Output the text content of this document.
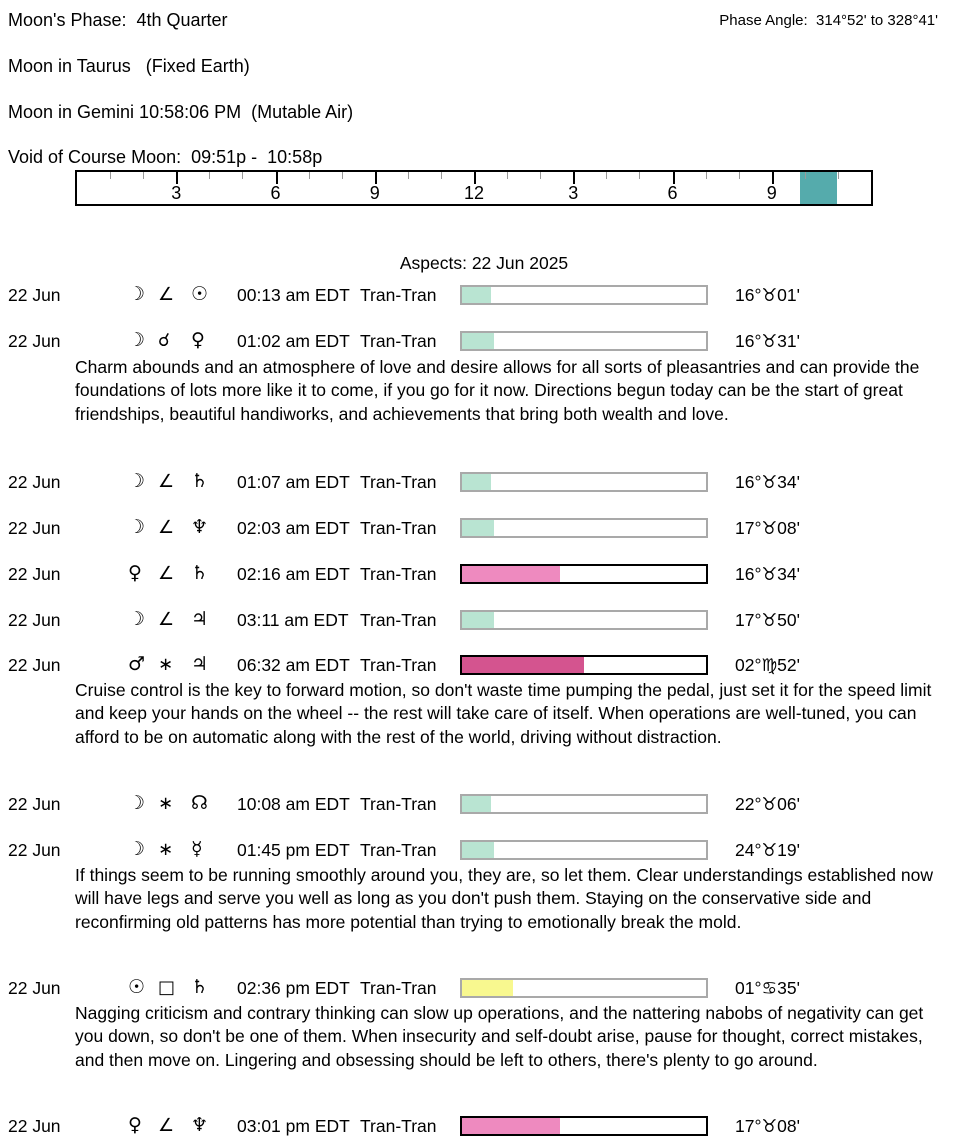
Moon's Phase:  4th Quarter	Phase Angle:  314°52' to 328°41'
Moon in Taurus   (Fixed Earth)
Moon in Gemini 10:58:06 PM  (Mutable Air)
Void of Course Moon:  09:51p -  10:58p
3	6	9	12	3	6	9
Aspects: 22 Jun 2025
22 Jun	☽ ∠ ☉ 00:13 am EDT Tran-Tran	16°♉01'
22 Jun	☽ ☌ ♀ 01:02 am EDT Tran-Tran	16°♉31'
Charm abounds and an atmosphere of love and desire allows for all sorts of pleasantries and can provide the foundations of lots more like it to come, if you go for it now. Directions begun today can be the start of great friendships, beautiful handiworks, and achievements that bring both wealth and love.
22 Jun	☽ ∠ ♄ 01:07 am EDT Tran-Tran	16°♉34'
22 Jun	☽ ∠ ♆ 02:03 am EDT Tran-Tran	17°♉08'
22 Jun	♀ ∠ ♄ 02:16 am EDT Tran-Tran	16°♉34'
22 Jun	☽ ∠ ♃ 03:11 am EDT Tran-Tran	17°♉50'
22 Jun	♂ ∗ ♃ 06:32 am EDT Tran-Tran	02°♍52'
Cruise control is the key to forward motion, so don't waste time pumping the pedal, just set it for the speed limit and keep your hands on the wheel -- the rest will take care of itself. When operations are well-tuned, you can afford to be on automatic along with the rest of the world, driving without distraction.
22 Jun	☽ ∗ ☊ 10:08 am EDT Tran-Tran	22°♉06'
22 Jun	☽ ∗ ☿ 01:45 pm EDT Tran-Tran	24°♉19'
If things seem to be running smoothly around you, they are, so let them. Clear understandings established now will have legs and serve you well as long as you don't push them. Staying on the conservative side and reconfirming old patterns has more potential than trying to emotionally break the mold.
22 Jun	☉ □ ♄ 02:36 pm EDT Tran-Tran	01°♋35'
Nagging criticism and contrary thinking can slow up operations, and the nattering nabobs of negativity can get you down, so don't be one of them. When insecurity and self-doubt arise, pause for thought, correct mistakes, and then move on. Lingering and obsessing should be left to others, there's plenty to go around.
22 Jun	♀ ∠ ♆ 03:01 pm EDT Tran-Tran	17°♉08'
